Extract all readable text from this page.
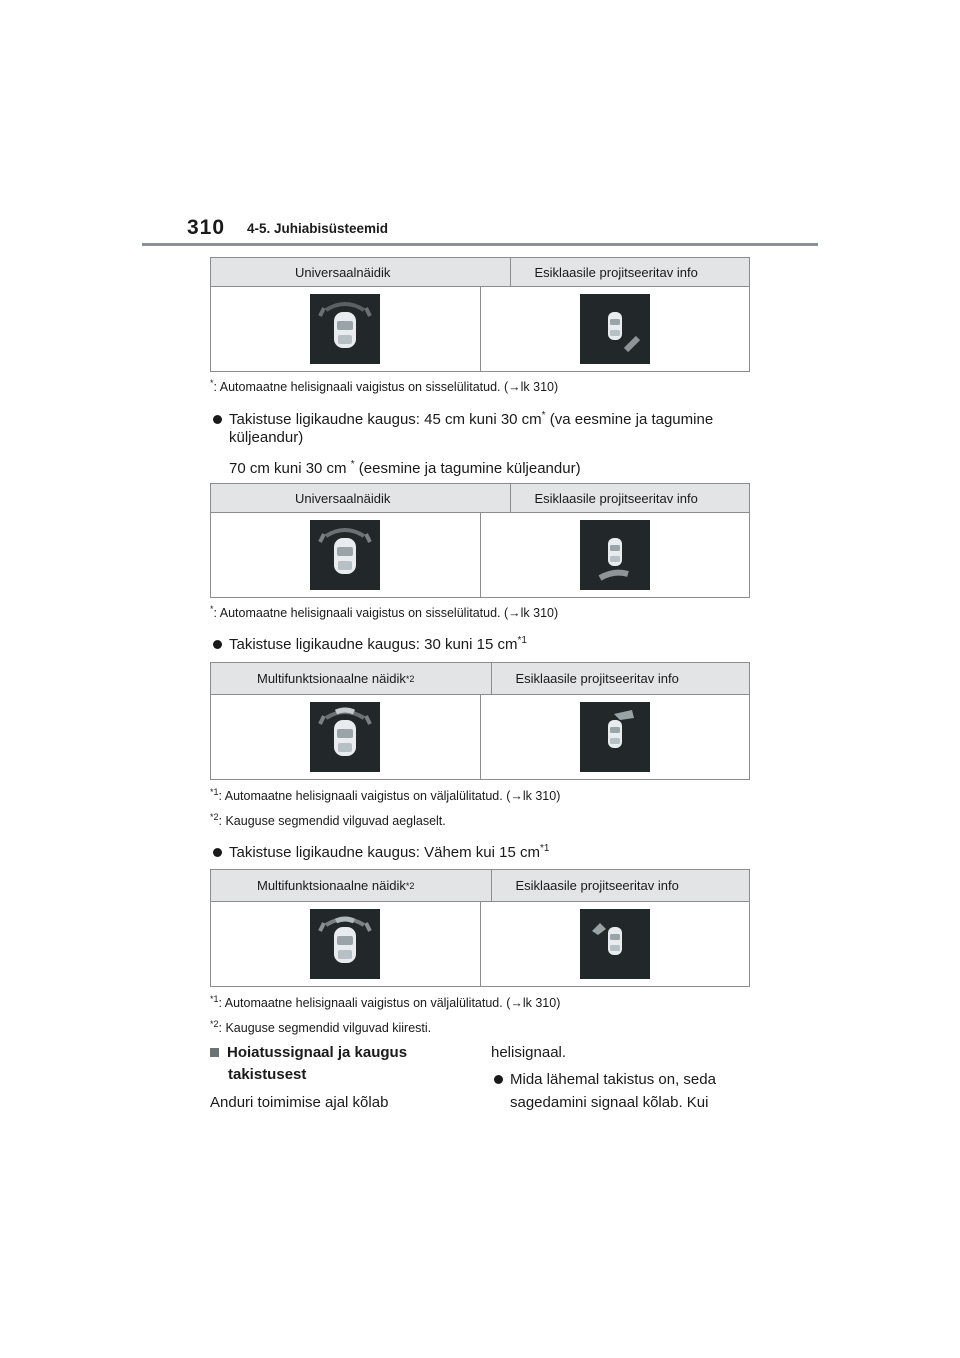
310 4-5. Juhiabisüsteemid
Universaalnäidik	Esiklaasile projitseeritav info
*: Automaatne helisignaali vaigistus on sisselülitatud. (→lk 310)
Takistuse ligikaudne kaugus: 45 cm kuni 30 cm* (va eesmine ja tagumine
küljeandur)
70 cm kuni 30 cm * (eesmine ja tagumine küljeandur)
Universaalnäidik	Esiklaasile projitseeritav info
*: Automaatne helisignaali vaigistus on sisselülitatud. (→lk 310)
Takistuse ligikaudne kaugus: 30 kuni 15 $cm^{*1}$
Multifunktsionaalne näidik *2	Esiklaasile projitseeritav info
$^{*1}$: Automaatne helisignaali vaigistus on väljalülitatud. (→lk 310)
$^{*2}$: Kauguse segmendid vilguvad aeglaselt.
Takistuse ligikaudne kaugus: Vähem kui 15 $cm^{*1}$
Multifunktsionaalne näidik *2	Esiklaasile projitseeritav info
$^{*1}$: Automaatne helisignaali vaigistus on väljalülitatud. (→lk 310)
$^{*2}$: Kauguse segmendid vilguvad kiiresti.
Hoiatussignaal ja kaugus
takistusest
Anduri toimimise ajal kõlab
helisignaal.
Mida lähemal takistus on, seda
sagedamini signaal kõlab. Kui
